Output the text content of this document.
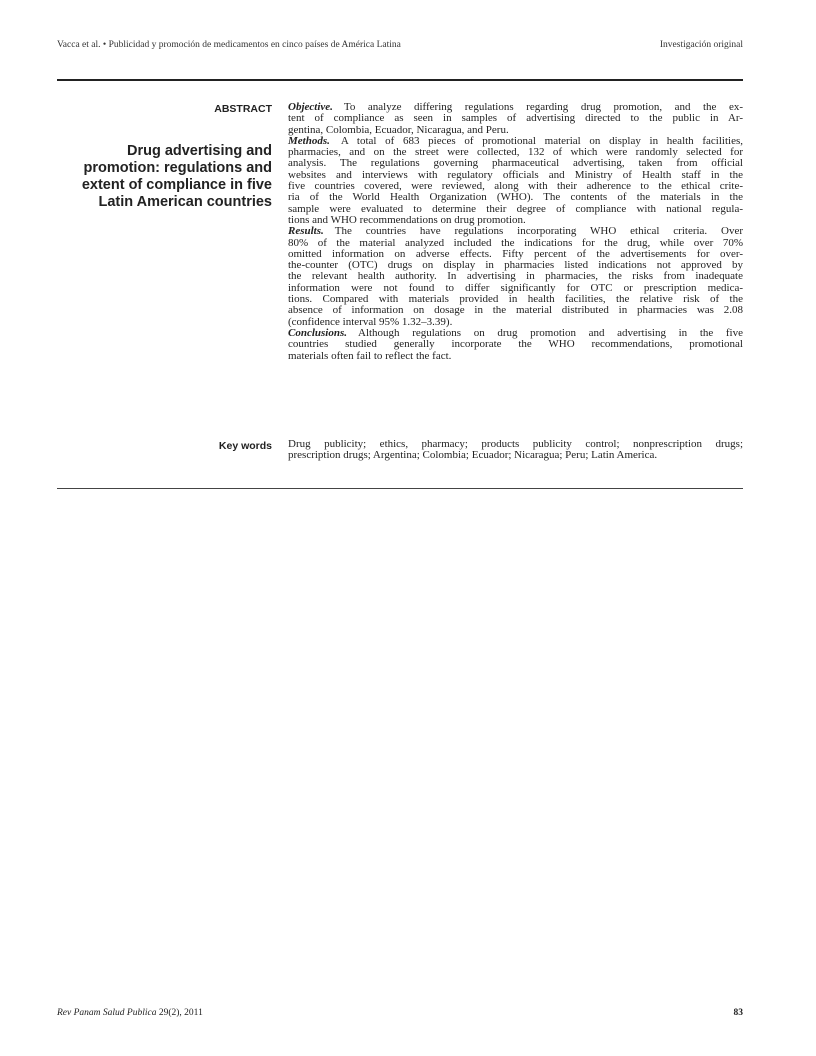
Vacca et al. • Publicidad y promoción de medicamentos en cinco países de América Latina	Investigación original
ABSTRACT
Drug advertising and promotion: regulations and extent of compliance in five Latin American countries
Objective.  To analyze differing regulations regarding drug promotion, and the ex-
tent of compliance as seen in samples of advertising directed to the public in Ar-
gentina, Colombia, Ecuador, Nicaragua, and Peru.
Methods.  A total of 683 pieces of promotional material on display in health facilities,
pharmacies, and on the street were collected, 132 of which were randomly selected for
analysis. The regulations governing pharmaceutical advertising, taken from official
websites and interviews with regulatory officials and Ministry of Health staff in the
five countries covered, were reviewed, along with their adherence to the ethical crite-
ria of the World Health Organization (WHO). The contents of the materials in the
sample were evaluated to determine their degree of compliance with national regula-
tions and WHO recommendations on drug promotion.
Results.  The countries have regulations incorporating WHO ethical criteria. Over
80% of the material analyzed included the indications for the drug, while over 70%
omitted information on adverse effects. Fifty percent of the advertisements for over-
the-counter (OTC) drugs on display in pharmacies listed indications not approved by
the relevant health authority. In advertising in pharmacies, the risks from inadequate
information were not found to differ significantly for OTC or prescription medica-
tions. Compared with materials provided in health facilities, the relative risk of the
absence of information on dosage in the material distributed in pharmacies was 2.08
(confidence interval 95% 1.32–3.39).
Conclusions.  Although regulations on drug promotion and advertising in the five
countries studied generally incorporate the WHO recommendations, promotional
materials often fail to reflect the fact.
Key words Drug publicity; ethics, pharmacy; products publicity control; nonprescription drugs;
prescription drugs; Argentina; Colombia; Ecuador; Nicaragua; Peru; Latin America.
Rev Panam Salud Publica 29(2), 2011	83
